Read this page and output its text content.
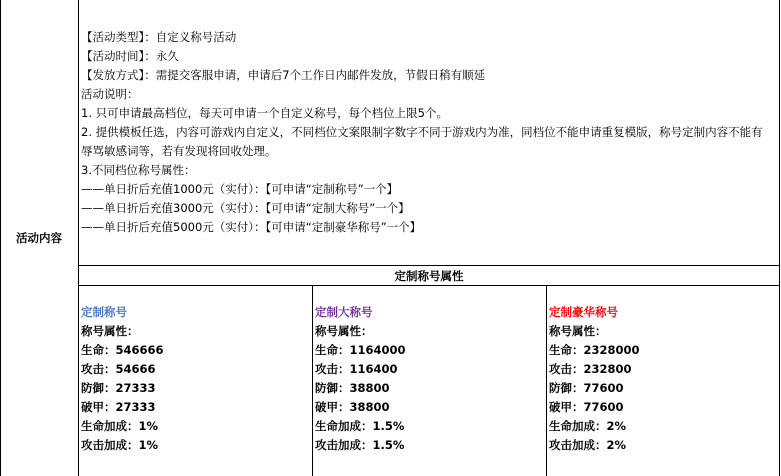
活动内容
【活动类型】：自定义称号活动
【活动时间】：永久
【发放方式】：需提交客服申请，申请后7个工作日内邮件发放，节假日稍有顺延
活动说明：
1. 只可申请最高档位，每天可申请一个自定义称号，每个档位上限5个。
2. 提供模板任选，内容可游戏内自定义，不同档位文案限制字数字不同于游戏内为准，同档位不能申请重复模版，称号定制内容不能有辱骂敏感词等，若有发现将回收处理。
3.不同档位称号属性：
——单日折后充值1000元（实付）：【可申请“定制称号”一个】
——单日折后充值3000元（实付）：【可申请“定制大称号”一个】
——单日折后充值5000元（实付）：【可申请“定制豪华称号”一个】
定制称号属性
定制称号
称号属性：
生命：546666
攻击：54666
防御：27333
破甲：27333
生命加成：1%
攻击加成：1%
定制大称号
称号属性：
生命：1164000
攻击：116400
防御：38800
破甲：38800
生命加成：1.5%
攻击加成：1.5%
定制豪华称号
称号属性：
生命：2328000
攻击：232800
防御：77600
破甲：77600
生命加成：2%
攻击加成：2%
